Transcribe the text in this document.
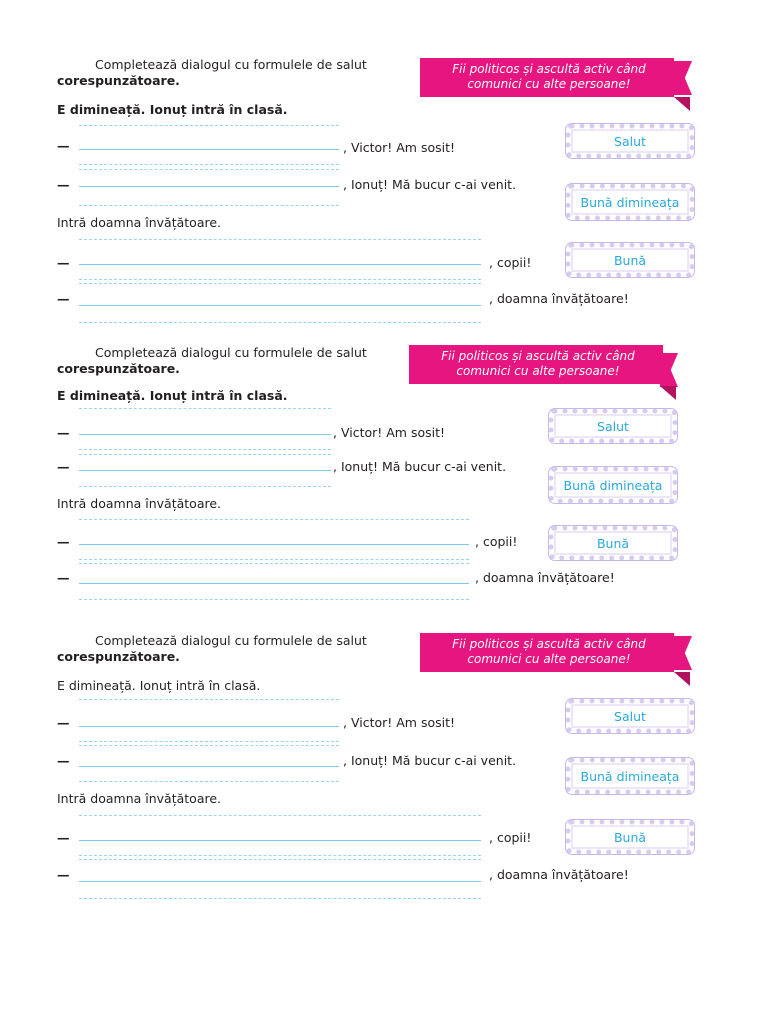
Completează dialogul cu formulele de salut
corespunzătoare.

Fii politicos și ascultă activ când
comunici cu alte persoane!

E dimineață. Ionuț intră în clasă.

—	, Victor! Am sosit!
—	, Ionuț! Mă bucur c-ai venit.

Intră doamna învățătoare.

—	, copii!
—	, doamna învățătoare!
Salut
Bună dimineața
Bună

Completează dialogul cu formulele de salut
corespunzătoare.

Fii politicos și ascultă activ când
comunici cu alte persoane!

E dimineață. Ionuț intră în clasă.

—	, Victor! Am sosit!
—	, Ionuț! Mă bucur c-ai venit.

Intră doamna învățătoare.

—	, copii!
—	, doamna învățătoare!
Salut
Bună dimineața
Bună

Completează dialogul cu formulele de salut
corespunzătoare.

Fii politicos și ascultă activ când
comunici cu alte persoane!

E dimineață. Ionuț intră în clasă.

—	, Victor! Am sosit!
—	, Ionuț! Mă bucur c-ai venit.

Intră doamna învățătoare.

—	, copii!
—	, doamna învățătoare!
Salut
Bună dimineața
Bună
